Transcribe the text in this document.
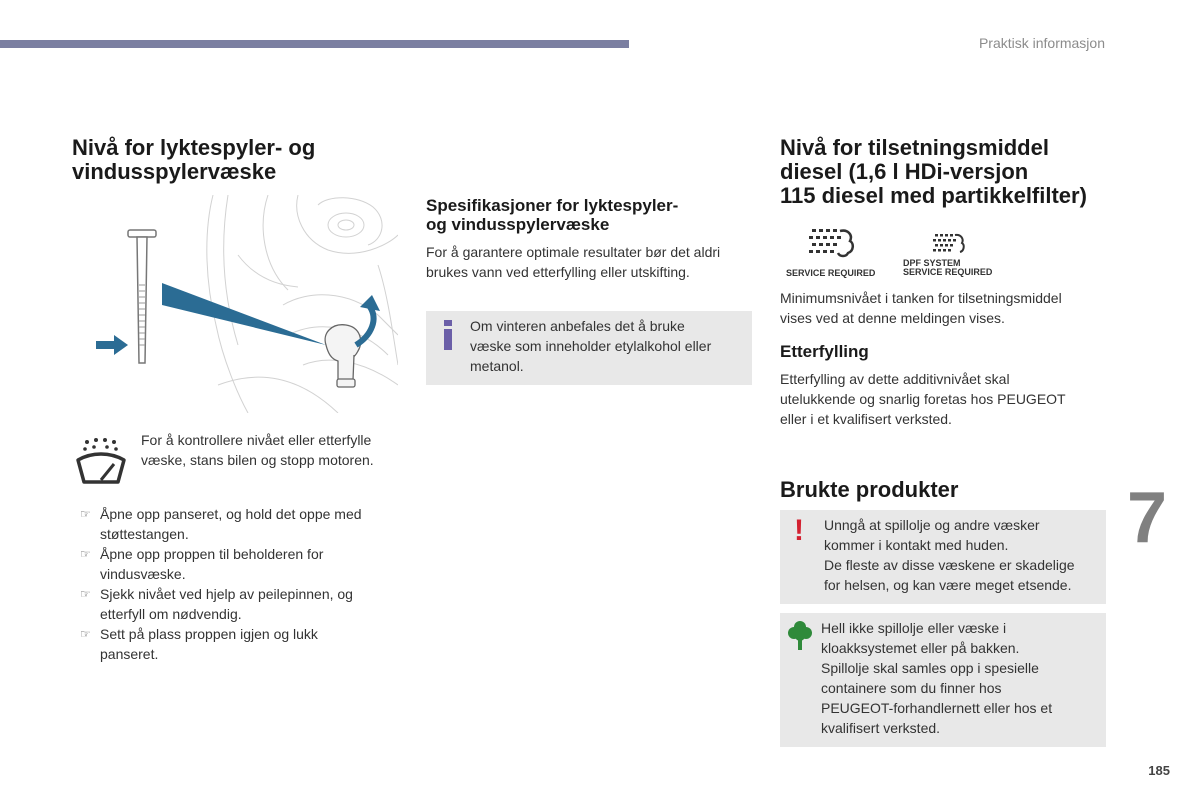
Praktisk informasjon

Nivå for lyktespyler- og

vindusspylervæske

For å kontrollere nivået eller etterfylle

væske, stans bilen og stopp motoren.

☞ Åpne opp panseret, og hold det oppe med
støttestangen.
☞ Åpne opp proppen til beholderen for
vindusvæske.
☞ Sjekk nivået ved hjelp av peilepinnen, og
etterfyll om nødvendig.
☞ Sett på plass proppen igjen og lukk
panseret.

Spesifikasjoner for lyktespyler-

og vindusspylervæske

For å garantere optimale resultater bør det aldri

brukes vann ved etterfylling eller utskifting.

Om vinteren anbefales det å bruke

væske som inneholder etylalkohol eller

metanol.

Nivå for tilsetningsmiddel

diesel (1,6 l HDi-versjon

115 diesel med partikkelfilter)

SERVICE REQUIRED
DPF SYSTEM
SERVICE REQUIRED

Minimumsnivået i tanken for tilsetningsmiddel

vises ved at denne meldingen vises.

Etterfylling

Etterfylling av dette additivnivået skal

utelukkende og snarlig foretas hos PEUGEOT

eller i et kvalifisert verksted.

Brukte produkter

! Unngå at spillolje og andre væsker

kommer i kontakt med huden.

De fleste av disse væskene er skadelige

for helsen, og kan være meget etsende.

Hell ikke spillolje eller væske i

kloakksystemet eller på bakken.

Spillolje skal samles opp i spesielle

containere som du finner hos

PEUGEOT-forhandlernett eller hos et

kvalifisert verksted.

7
185
